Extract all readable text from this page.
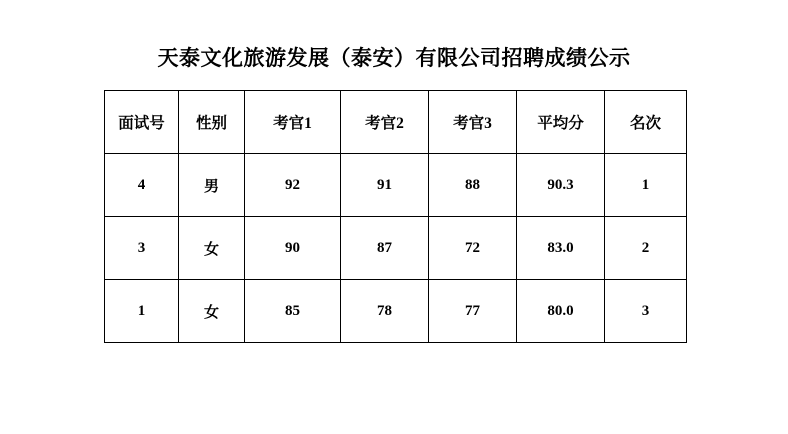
天泰文化旅游发展（泰安）有限公司招聘成绩公示
面试号	性别	考官1	考官2	考官3	平均分	名次
4	男	92	91	88	90.3	1
3	女	90	87	72	83.0	2
1	女	85	78	77	80.0	3
